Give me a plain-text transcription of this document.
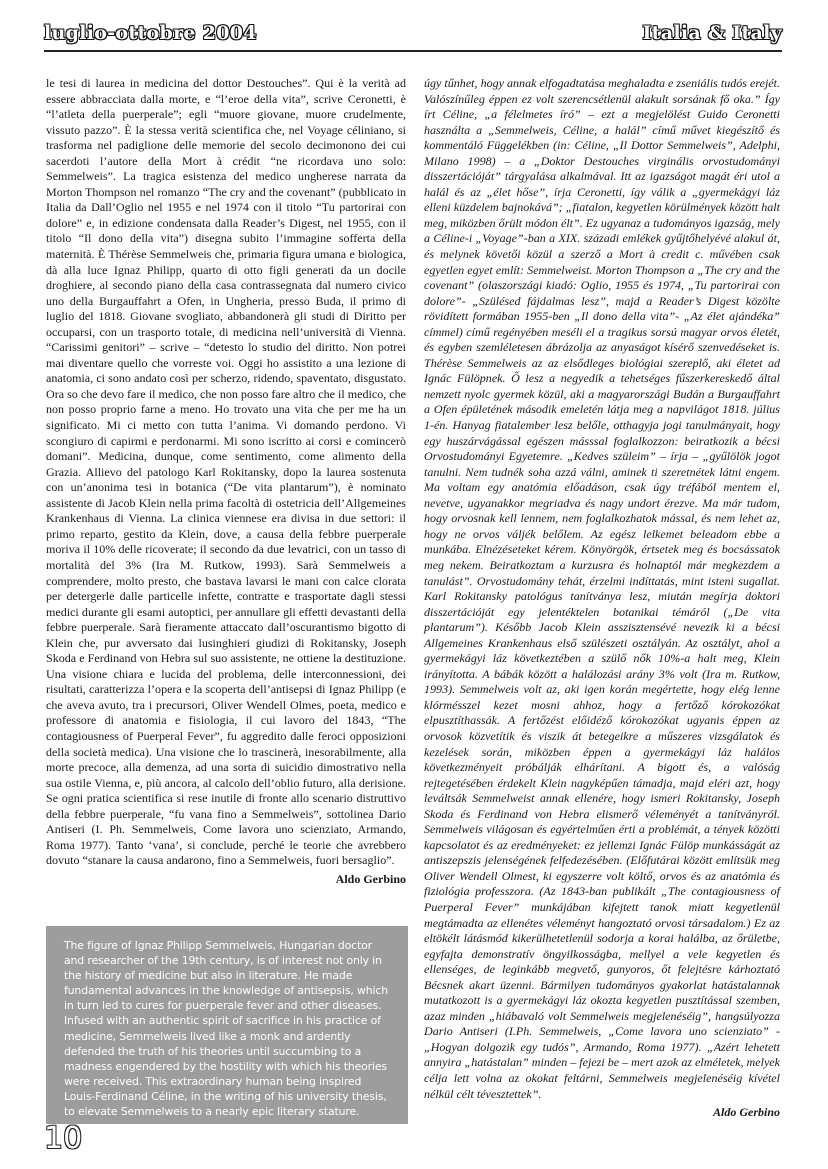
luglio-ottobre 2004	Italia & Italy

le tesi di laurea in medicina del dottor Destouches”. Qui è la verità ad essere abbracciata dalla morte, e “l’eroe della vita”, scrive Ceronetti, è “l’atleta della puerperale”; egli “muore giovane, muore crudelmente, vissuto pazzo”. È la stessa verità scientifica che, nel Voyage céliniano, si trasforma nel padiglione delle memorie del secolo decimonono dei cui sacerdoti l’autore della Mort à crédit “ne ricordava uno solo: Semmelweis”. La tragica esistenza del medico ungherese narrata da Morton Thompson nel romanzo “The cry and the covenant” (pubblicato in Italia da Dall’Oglio nel 1955 e nel 1974 con il titolo “Tu partorirai con dolore” e, in edizione condensata dalla Reader’s Digest, nel 1955, con il titolo “Il dono della vita”) disegna subito l’immagine sofferta della maternità. È Thérèse Semmelweis che, primaria figura umana e biologica, dà alla luce Ignaz Philipp, quarto di otto figli generati da un docile droghiere, al secondo piano della casa contrassegnata dal numero civico uno della Burgauffahrt a Ofen, in Ungheria, presso Buda, il primo di luglio del 1818. Giovane svogliato, abbandonerà gli studi di Diritto per occuparsi, con un trasporto totale, di medicina nell’università di Vienna. “Carissimi genitori” – scrive – “detesto lo studio del diritto. Non potrei mai diventare quello che vorreste voi. Oggi ho assistito a una lezione di anatomia, ci sono andato così per scherzo, ridendo, spaventato, disgustato. Ora so che devo fare il medico, che non posso fare altro che il medico, che non posso proprio farne a meno. Ho trovato una vita che per me ha un significato. Mi ci metto con tutta l’anima. Vi domando perdono. Vi scongiuro di capirmi e perdonarmi. Mi sono iscritto ai corsi e comincerò domani”. Medicina, dunque, come sentimento, come alimento della Grazia. Allievo del patologo Karl Rokitansky, dopo la laurea sostenuta con un’anonima tesi in botanica (“De vita plantarum”), è nominato assistente di Jacob Klein nella prima facoltà di ostetricia dell’Allgemeines Krankenhaus di Vienna. La clinica viennese era divisa in due settori: il primo reparto, gestito da Klein, dove, a causa della febbre puerperale moriva il 10% delle ricoverate; il secondo da due levatrici, con un tasso di mortalità del 3% (Ira M. Rutkow, 1993). Sarà Semmelweis a comprendere, molto presto, che bastava lavarsi le mani con calce clorata per detergerle dalle particelle infette, contratte e trasportate dagli stessi medici durante gli esami autoptici, per annullare gli effetti devastanti della febbre puerperale. Sarà fieramente attaccato dall’oscurantismo bigotto di Klein che, pur avversato dai lusinghieri giudizi di Rokitansky, Joseph Skoda e Ferdinand von Hebra sul suo assistente, ne ottiene la destituzione. Una visione chiara e lucida del problema, delle interconnessioni, dei risultati, caratterizza l’opera e la scoperta dell’antisepsi di Ignaz Philipp (e che aveva avuto, tra i precursori, Oliver Wendell Olmes, poeta, medico e professore di anatomia e fisiologia, il cui lavoro del 1843, “The contagiousness of Puerperal Fever”, fu aggredito dalle feroci opposizioni della società medica). Una visione che lo trascinerà, inesorabilmente, alla morte precoce, alla demenza, ad una sorta di suicidio dimostrativo nella sua ostile Vienna, e, più ancora, al calcolo dell’oblio futuro, alla derisione. Se ogni pratica scientifica si rese inutile di fronte allo scenario distruttivo della febbre puerperale, “fu vana fino a Semmelweis”, sottolinea Dario Antiseri (I. Ph. Semmelweis, Come lavora uno scienziato, Armando, Roma 1977). Tanto ‘vana’, si conclude, perché le teorie che avrebbero dovuto “stanare la causa andarono, fino a Semmelweis, fuori bersaglio”.

Aldo Gerbino

úgy tűnhet, hogy annak elfogadtatása meghaladta e zseniális tudós erejét. Valószínűleg éppen ez volt szerencsétlenül alakult sorsának fő oka.” Így írt Céline, „a félelmetes író” – ezt a megjelölést Guido Ceronetti használta a „Semmelweis, Céline, a halál” című művet kiegészítő és kommentáló Függelékben (in: Céline, „Il Dottor Semmelweis”, Adelphi, Milano 1998) – a „Doktor Destouches virginális orvostudományi disszertációját” tárgyalása alkalmával. Itt az igazságot magát éri utol a halál és az „élet hőse”, írja Ceronetti, így válik a „gyermekágyi láz elleni küzdelem bajnokává”; „fiatalon, kegyetlen körülmények között halt meg, miközben őrült módon élt”. Ez ugyanaz a tudományos igazság, mely a Céline-i „Voyage”-ban a XIX. századi emlékek gyűjtőhelyévé alakul át, és melynek követői közül a szerző a Mort à credit c. művében csak egyetlen egyet említ: Semmelweist. Morton Thompson a „The cry and the covenant” (olaszországi kiadó: Oglio, 1955 és 1974, „Tu partorirai con dolore”- „Szülésed fájdalmas lesz”, majd a Reader’s Digest közölte rövidített formában 1955-ben „Il dono della vita”- „Az élet ajándéka” címmel) című regényében meséli el a tragikus sorsú magyar orvos életét, és egyben szemléletesen ábrázolja az anyaságot kísérő szenvedéseket is. Thérèse Semmelweis az az elsődleges biológiai szereplő, aki életet ad Ignác Fülöpnek. Ő lesz a negyedik a tehetséges fűszerkereskedő által nemzett nyolc gyermek közül, aki a magyarországi Budán a Burgauffahrt a Ofen épületének második emeletén látja meg a napvilágot 1818. július 1-én. Hanyag fiatalember lesz belőle, otthagyja jogi tanulmányait, hogy egy huszárvágással egészen másssal foglalkozzon: beiratkozik a bécsi Orvostudományi Egyetemre. „Kedves szüleim” – írja – „gyűlölök jogot tanulni. Nem tudnék soha azzá válni, aminek ti szeretnétek látni engem. Ma voltam egy anatómia előadáson, csak úgy tréfából mentem el, nevetve, ugyanakkor megriadva és nagy undort érezve. Ma már tudom, hogy orvosnak kell lennem, nem foglalkozhatok mással, és nem lehet az, hogy ne orvos váljék belőlem. Az egész lelkemet beleadom ebbe a munkába. Elnézéseteket kérem. Könyörgök, értsetek meg és bocsássatok meg nekem. Beiratkoztam a kurzusra és holnaptól már megkezdem a tanulást”. Orvostudomány tehát, érzelmi indíttatás, mint isteni sugallat. Karl Rokitansky patológus tanítványa lesz, miután megírja doktori disszertációját egy jelentéktelen botanikai témáról („De vita plantarum”). Később Jacob Klein asszisztensévé nevezik ki a bécsi Allgemeines Krankenhaus első szülészeti osztályán. Az osztályt, ahol a gyermekágyi láz következtében a szülő nők 10%-a halt meg, Klein irányította. A bábák között a halálozási arány 3% volt (Ira m. Rutkow, 1993). Semmelweis volt az, aki igen korán megértette, hogy elég lenne klórmésszel kezet mosni ahhoz, hogy a fertőző kórokozókat elpusztíthassák. A fertőzést előidéző kórokozókat ugyanis éppen az orvosok közvetítik és viszik át betegeikre a műszeres vizsgálatok és kezelések során, miközben éppen a gyermekágyi láz halálos következményeit próbálják elhárítani. A bigott és, a valóság rejtegetésében érdekelt Klein nagyképűen támadja, majd eléri azt, hogy leváltsák Semmelweist annak ellenére, hogy ismeri Rokitansky, Joseph Skoda és Ferdinand von Hebra elismerő véleményét a tanítványról. Semmelweis világosan és egyértelműen érti a problémát, a tények közötti kapcsolatot és az eredményeket: ez jellemzi Ignác Fülöp munkásságát az antiszepszis jelenségének felfedezésében. (Előfutárai között említsük meg Oliver Wendell Olmest, ki egyszerre volt költő, orvos és az anatómia és fiziológia professzora. (Az 1843-ban publikált „The contagiousness of Puerperal Fever” munkájában kifejtett tanok miatt kegyetlenül megtámadta az ellenétes véleményt hangoztató orvosi társadalom.) Ez az eltökélt látásmód kikerülhetetlenül sodorja a korai halálba, az őrületbe, egyfajta demonstratív öngyilkosságba, mellyel a vele kegyetlen és ellenséges, de leginkább megvető, gunyoros, őt felejtésre kárhoztató Bécsnek akart üzenni. Bármilyen tudományos gyakorlat hatástalannak mutatkozott is a gyermekágyi láz okozta kegyetlen pusztítással szemben, azaz minden „hiábavaló volt Semmelweis megjelenéséig”, hangsúlyozza Dario Antiseri (I.Ph. Semmelweis, „Come lavora uno scienziato” - „Hogyan dolgozik egy tudós”, Armando, Roma 1977). „Azért lehetett annyira „hatástalan” minden – fejezi be – mert azok az elméletek, melyek célja lett volna az okokat feltárni, Semmelweis megjelenéséig kívétel nélkül célt tévesztettek”.

Aldo Gerbino

The figure of Ignaz Philipp Semmelweis, Hungarian doctor and researcher of the 19th century, is of interest not only in the history of medicine but also in literature. He made fundamental advances in the knowledge of antisepsis, which in turn led to cures for puerperale fever and other diseases. Infused with an authentic spirit of sacrifice in his practice of medicine, Semmelweis lived like a monk and ardently defended the truth of his theories until succumbing to a madness engendered by the hostility with which his theories were received. This extraordinary human being inspired Louis-Ferdinand Céline, in the writing of his university thesis, to elevate Semmelweis to a nearly epic literary stature.

10
